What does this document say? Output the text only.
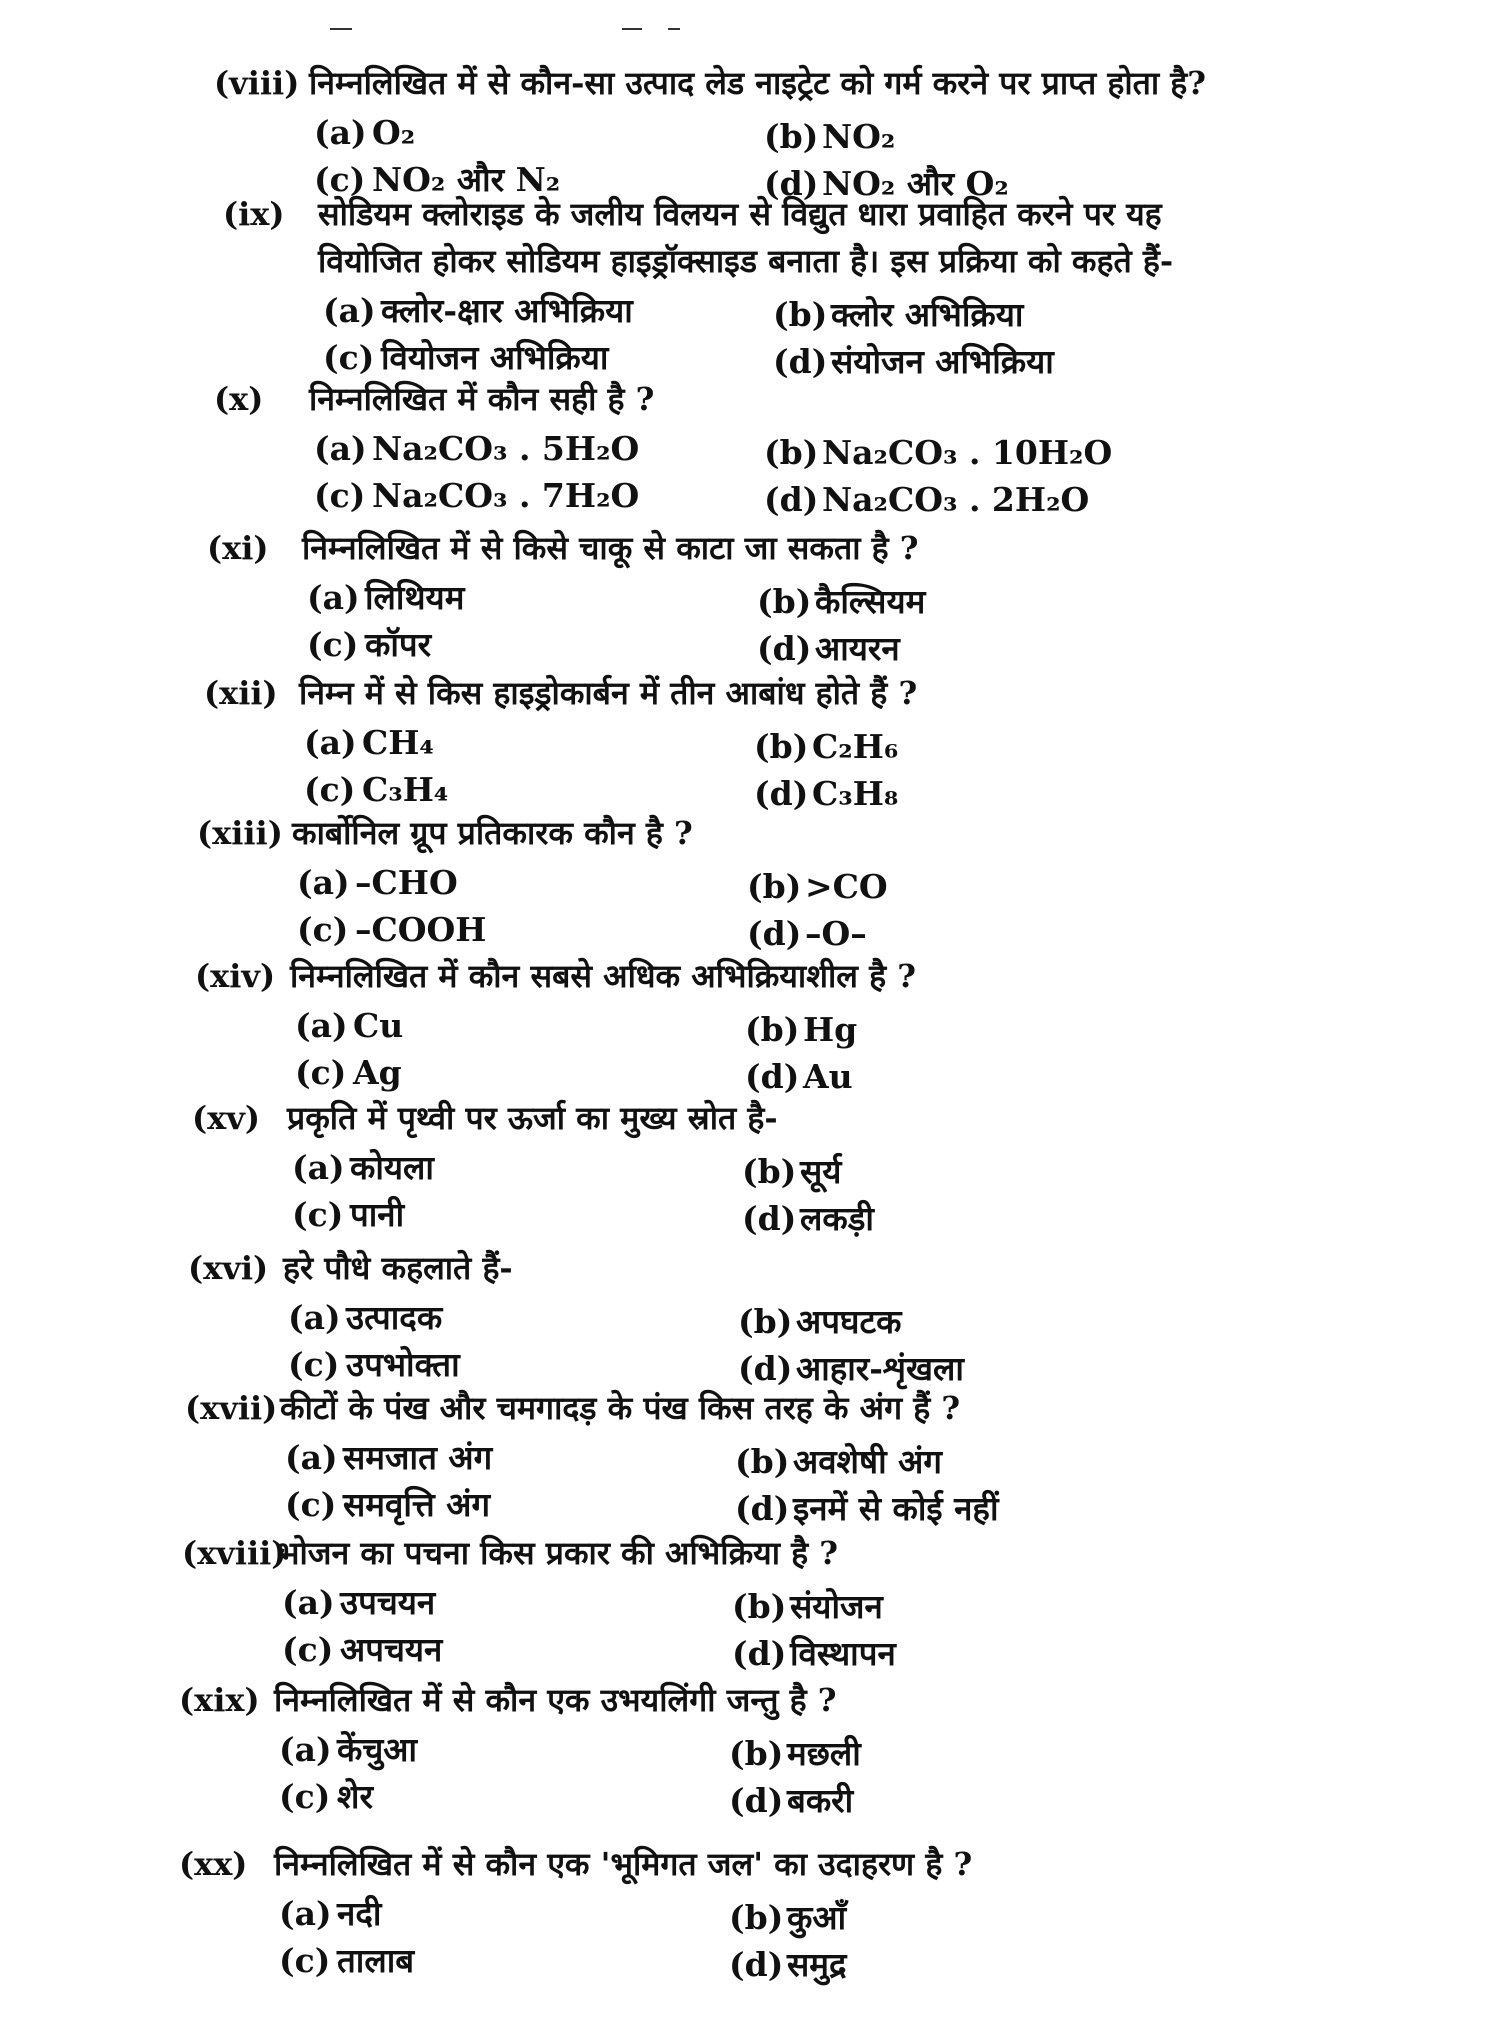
(viii) निम्नलिखित में से कौन-सा उत्पाद लेड नाइट्रेट को गर्म करने पर प्राप्त होता है?
(a) O₂	(b) NO₂
(c) NO₂ और N₂	(d) NO₂ और O₂
(ix) सोडियम क्लोराइड के जलीय विलयन से विद्युत धारा प्रवाहित करने पर यह
वियोजित होकर सोडियम हाइड्रॉक्साइड बनाता है। इस प्रक्रिया को कहते हैं-
(a) क्लोर-क्षार अभिक्रिया	(b) क्लोर अभिक्रिया
(c) वियोजन अभिक्रिया	(d) संयोजन अभिक्रिया
(x) निम्नलिखित में कौन सही है ?
(a) Na₂CO₃ . 5H₂O	(b) Na₂CO₃ . 10H₂O
(c) Na₂CO₃ . 7H₂O	(d) Na₂CO₃ . 2H₂O
(xi) निम्नलिखित में से किसे चाकू से काटा जा सकता है ?
(a) लिथियम	(b) कैल्सियम
(c) कॉपर	(d) आयरन
(xii) निम्न में से किस हाइड्रोकार्बन में तीन आबांध होते हैं ?
(a) CH₄	(b) C₂H₆
(c) C₃H₄	(d) C₃H₈
(xiii) कार्बोनिल ग्रूप प्रतिकारक कौन है ?
(a) –CHO	(b) >CO
(c) –COOH	(d) –O–
(xiv) निम्नलिखित में कौन सबसे अधिक अभिक्रियाशील है ?
(a) Cu	(b) Hg
(c) Ag	(d) Au
(xv) प्रकृति में पृथ्वी पर ऊर्जा का मुख्य स्रोत है-
(a) कोयला	(b) सूर्य
(c) पानी	(d) लकड़ी
(xvi) हरे पौधे कहलाते हैं-
(a) उत्पादक	(b) अपघटक
(c) उपभोक्ता	(d) आहार-शृंखला
(xvii) कीटों के पंख और चमगादड़ के पंख किस तरह के अंग हैं ?
(a) समजात अंग	(b) अवशेषी अंग
(c) समवृत्ति अंग	(d) इनमें से कोई नहीं
(xviii)
भोजन का पचना किस प्रकार की अभिक्रिया है ?
(a) उपचयन	(b) संयोजन
(c) अपचयन	(d) विस्थापन
(xix) निम्नलिखित में से कौन एक उभयलिंगी जन्तु है ?
(a) केंचुआ	(b) मछली
(c) शेर	(d) बकरी
(xx) निम्नलिखित में से कौन एक 'भूमिगत जल' का उदाहरण है ?
(a) नदी	(b) कुआँ
(c) तालाब	(d) समुद्र
